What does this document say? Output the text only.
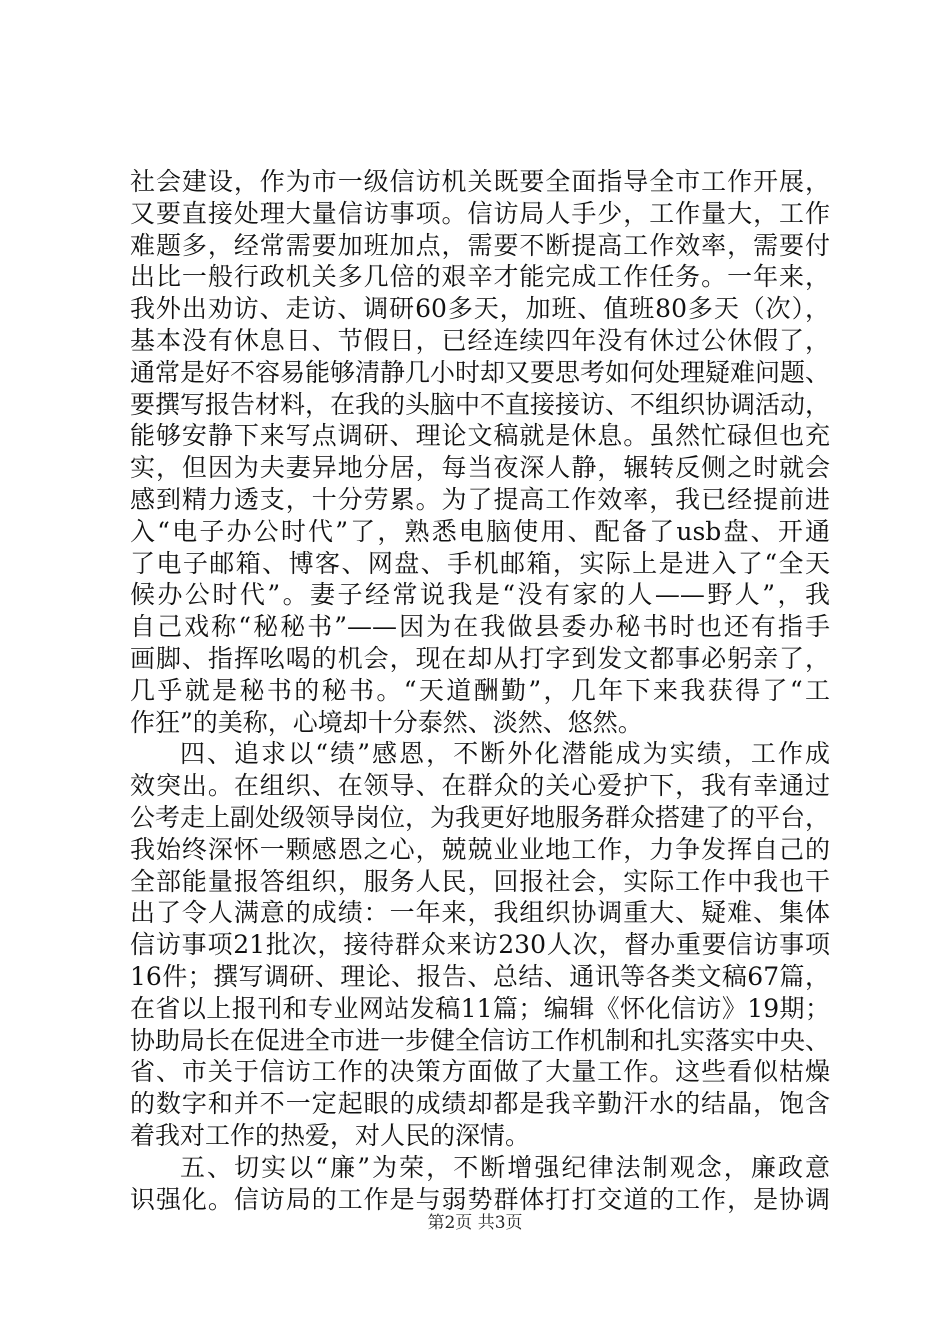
社会建设，作为市一级信访机关既要全面指导全市工作开展，
又要直接处理大量信访事项。信访局人手少，工作量大，工作
难题多，经常需要加班加点，需要不断提高工作效率，需要付
出比一般行政机关多几倍的艰辛才能完成工作任务。一年来，
我外出劝访、走访、调研60多天，加班、值班80多天（次），
基本没有休息日、节假日，已经连续四年没有休过公休假了，
通常是好不容易能够清静几小时却又要思考如何处理疑难问题、
要撰写报告材料，在我的头脑中不直接接访、不组织协调活动，
能够安静下来写点调研、理论文稿就是休息。虽然忙碌但也充
实，但因为夫妻异地分居，每当夜深人静，辗转反侧之时就会
感到精力透支，十分劳累。为了提高工作效率，我已经提前进
入“电子办公时代”了，熟悉电脑使用、配备了usb盘、开通
了电子邮箱、博客、网盘、手机邮箱，实际上是进入了“全天
候办公时代”。妻子经常说我是“没有家的人——野人”，我
自己戏称“秘秘书”——因为在我做县委办秘书时也还有指手
画脚、指挥吆喝的机会，现在却从打字到发文都事必躬亲了，
几乎就是秘书的秘书。“天道酬勤”，几年下来我获得了“工
作狂”的美称，心境却十分泰然、淡然、悠然。
四、追求以“绩”感恩，不断外化潜能成为实绩，工作成
效突出。在组织、在领导、在群众的关心爱护下，我有幸通过
公考走上副处级领导岗位，为我更好地服务群众搭建了的平台，
我始终深怀一颗感恩之心，兢兢业业地工作，力争发挥自己的
全部能量报答组织，服务人民，回报社会，实际工作中我也干
出了令人满意的成绩：一年来，我组织协调重大、疑难、集体
信访事项21批次，接待群众来访230人次，督办重要信访事项
16件；撰写调研、理论、报告、总结、通讯等各类文稿67篇，
在省以上报刊和专业网站发稿11篇；编辑《怀化信访》19期；
协助局长在促进全市进一步健全信访工作机制和扎实落实中央、
省、市关于信访工作的决策方面做了大量工作。这些看似枯燥
的数字和并不一定起眼的成绩却都是我辛勤汗水的结晶，饱含
着我对工作的热爱，对人民的深情。
五、切实以“廉”为荣，不断增强纪律法制观念，廉政意
识强化。信访局的工作是与弱势群体打打交道的工作，是协调
第2页 共3页
